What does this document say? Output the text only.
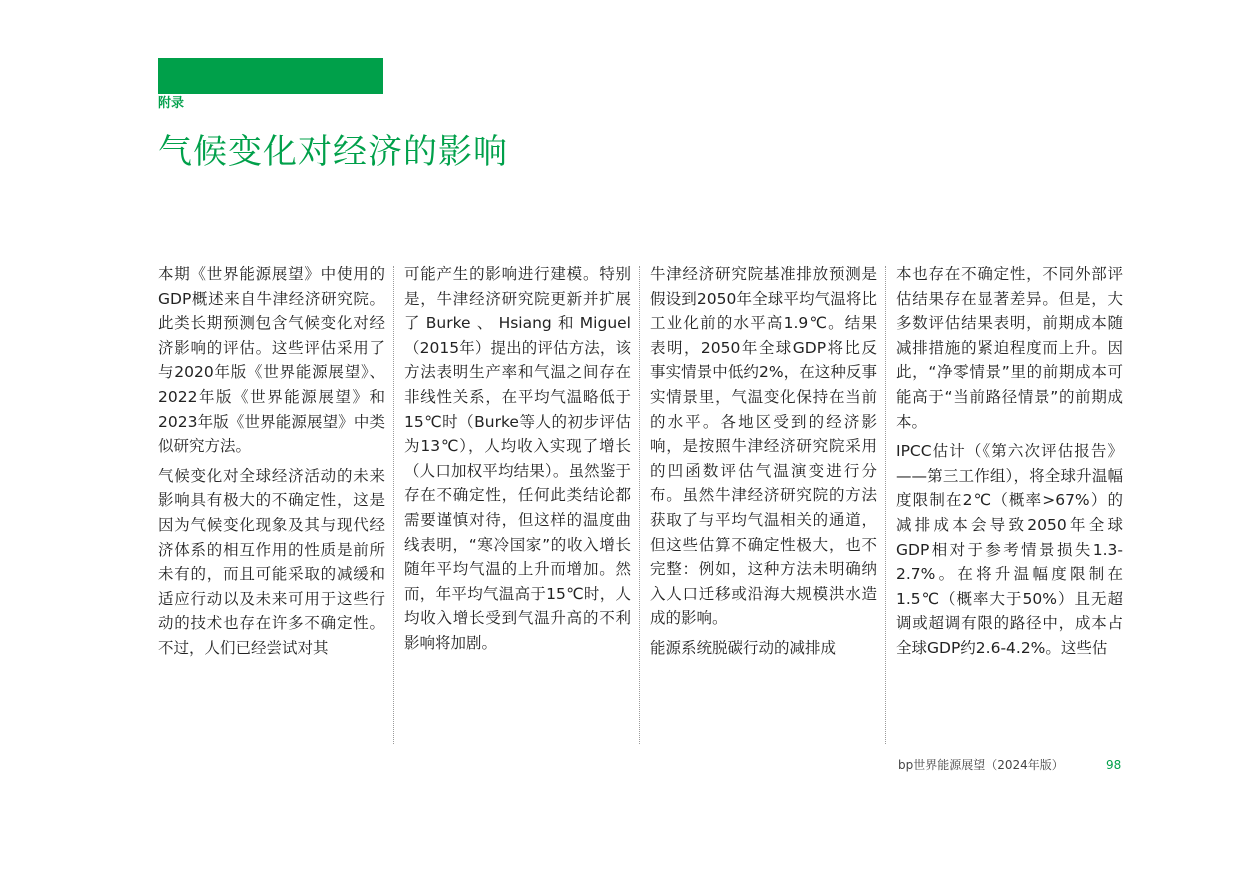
附录
气候变化对经济的影响

本期《世界能源展望》中使用的GDP概述来自牛津经济研究院。此类长期预测包含气候变化对经济影响的评估。这些评估采用了与2020年版《世界能源展望》、2022年版《世界能源展望》和2023年版《世界能源展望》中类似研究方法。

气候变化对全球经济活动的未来影响具有极大的不确定性，这是因为气候变化现象及其与现代经济体系的相互作用的性质是前所未有的，而且可能采取的减缓和适应行动以及未来可用于这些行动的技术也存在许多不确定性。不过，人们已经尝试对其

可能产生的影响进行建模。特别是，牛津经济研究院更新并扩展了Burke、Hsiang和Miguel（2015年）提出的评估方法，该方法表明生产率和气温之间存在非线性关系，在平均气温略低于15℃时（Burke等人的初步评估为13℃），人均收入实现了增长（人口加权平均结果）。虽然鉴于存在不确定性，任何此类结论都需要谨慎对待，但这样的温度曲线表明，“寒冷国家”的收入增长随年平均气温的上升而增加。然而，年平均气温高于15℃时，人均收入增长受到气温升高的不利影响将加剧。

牛津经济研究院基准排放预测是假设到2050年全球平均气温将比工业化前的水平高1.9℃。结果表明，2050年全球GDP将比反事实情景中低约2%，在这种反事实情景里，气温变化保持在当前的水平。各地区受到的经济影响，是按照牛津经济研究院采用的凹函数评估气温演变进行分布。虽然牛津经济研究院的方法获取了与平均气温相关的通道，但这些估算不确定性极大，也不完整：例如，这种方法未明确纳入人口迁移或沿海大规模洪水造成的影响。

能源系统脱碳行动的减排成

本也存在不确定性，不同外部评估结果存在显著差异。但是，大多数评估结果表明，前期成本随减排措施的紧迫程度而上升。因此，“净零情景”里的前期成本可能高于“当前路径情景”的前期成本。

IPCC估计（《第六次评估报告》——第三工作组），将全球升温幅度限制在2℃（概率>67%）的减排成本会导致2050年全球GDP相对于参考情景损失1.3-2.7%。在将升温幅度限制在1.5℃（概率大于50%）且无超调或超调有限的路径中，成本占全球GDP约2.6-4.2%。这些估

bp世界能源展望（2024年版）	98
